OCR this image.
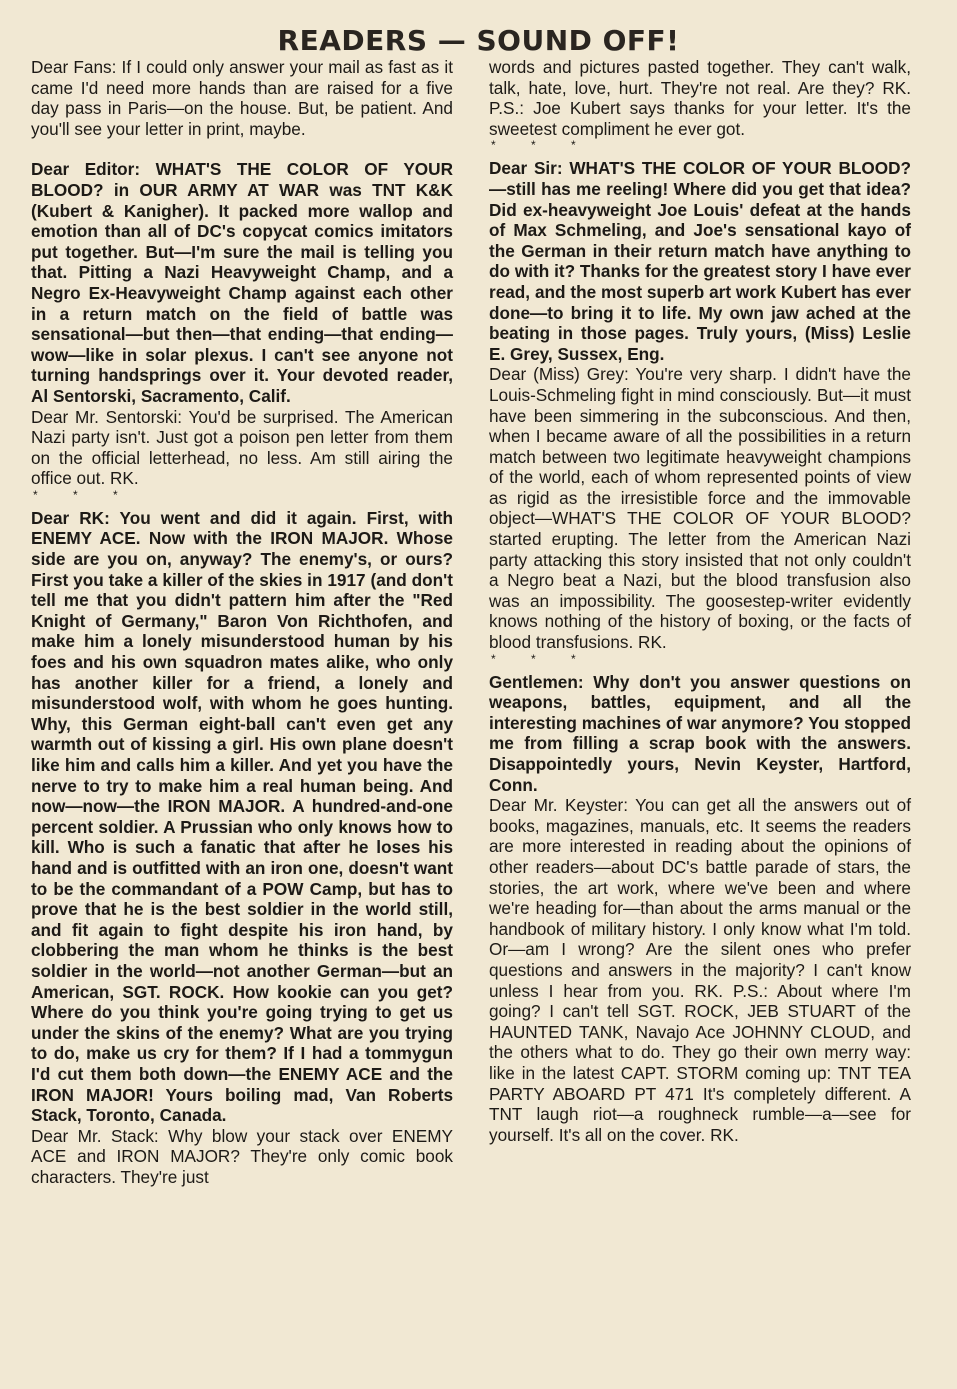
READERS — SOUND OFF!

Dear Fans: If I could only answer your mail as fast as it came I'd need more hands than are raised for a five day pass in Paris—on the house. But, be patient. And you'll see your letter in print, maybe.

Dear Editor: WHAT'S THE COLOR OF YOUR BLOOD? in OUR ARMY AT WAR was TNT K&K (Kubert & Kanigher). It packed more wallop and emotion than all of DC's copycat comics imitators put together. But—I'm sure the mail is telling you that. Pitting a Nazi Heavyweight Champ, and a Negro Ex-Heavyweight Champ against each other in a return match on the field of battle was sensational—but then—that ending—that ending—wow—like in solar plexus. I can't see anyone not turning handsprings over it. Your devoted reader, Al Sentorski, Sacramento, Calif.

Dear Mr. Sentorski: You'd be surprised. The American Nazi party isn't. Just got a poison pen letter from them on the official letterhead, no less. Am still airing the office out. RK.

* * *

Dear RK: You went and did it again. First, with ENEMY ACE. Now with the IRON MAJOR. Whose side are you on, anyway? The enemy's, or ours? First you take a killer of the skies in 1917 (and don't tell me that you didn't pattern him after the "Red Knight of Germany," Baron Von Richthofen, and make him a lonely misunderstood human by his foes and his own squadron mates alike, who only has another killer for a friend, a lonely and misunderstood wolf, with whom he goes hunting. Why, this German eight-ball can't even get any warmth out of kissing a girl. His own plane doesn't like him and calls him a killer. And yet you have the nerve to try to make him a real human being. And now—now—the IRON MAJOR. A hundred-and-one percent soldier. A Prussian who only knows how to kill. Who is such a fanatic that after he loses his hand and is outfitted with an iron one, doesn't want to be the commandant of a POW Camp, but has to prove that he is the best soldier in the world still, and fit again to fight despite his iron hand, by clobbering the man whom he thinks is the best soldier in the world—not another German—but an American, SGT. ROCK. How kookie can you get? Where do you think you're going trying to get us under the skins of the enemy? What are you trying to do, make us cry for them? If I had a tommygun I'd cut them both down—the ENEMY ACE and the IRON MAJOR! Yours boiling mad, Van Roberts Stack, Toronto, Canada.

Dear Mr. Stack: Why blow your stack over ENEMY ACE and IRON MAJOR? They're only comic book characters. They're just

words and pictures pasted together. They can't walk, talk, hate, love, hurt. They're not real. Are they? RK. P.S.: Joe Kubert says thanks for your letter. It's the sweetest compliment he ever got.

* * *

Dear Sir: WHAT'S THE COLOR OF YOUR BLOOD?—still has me reeling! Where did you get that idea? Did ex-heavyweight Joe Louis' defeat at the hands of Max Schmeling, and Joe's sensational kayo of the German in their return match have anything to do with it? Thanks for the greatest story I have ever read, and the most superb art work Kubert has ever done—to bring it to life. My own jaw ached at the beating in those pages. Truly yours, (Miss) Leslie E. Grey, Sussex, Eng.

Dear (Miss) Grey: You're very sharp. I didn't have the Louis-Schmeling fight in mind consciously. But—it must have been simmering in the subconscious. And then, when I became aware of all the possibilities in a return match between two legitimate heavyweight champions of the world, each of whom represented points of view as rigid as the irresistible force and the immovable object—WHAT'S THE COLOR OF YOUR BLOOD? started erupting. The letter from the American Nazi party attacking this story insisted that not only couldn't a Negro beat a Nazi, but the blood transfusion also was an impossibility. The goosestep-writer evidently knows nothing of the history of boxing, or the facts of blood transfusions. RK.

* * *

Gentlemen: Why don't you answer questions on weapons, battles, equipment, and all the interesting machines of war anymore? You stopped me from filling a scrap book with the answers. Disappointedly yours, Nevin Keyster, Hartford, Conn.

Dear Mr. Keyster: You can get all the answers out of books, magazines, manuals, etc. It seems the readers are more interested in reading about the opinions of other readers—about DC's battle parade of stars, the stories, the art work, where we've been and where we're heading for—than about the arms manual or the handbook of military history. I only know what I'm told. Or—am I wrong? Are the silent ones who prefer questions and answers in the majority? I can't know unless I hear from you. RK. P.S.: About where I'm going? I can't tell SGT. ROCK, JEB STUART of the HAUNTED TANK, Navajo Ace JOHNNY CLOUD, and the others what to do. They go their own merry way: like in the latest CAPT. STORM coming up: TNT TEA PARTY ABOARD PT 471 It's completely different. A TNT laugh riot—a roughneck rumble—a—see for yourself. It's all on the cover. RK.
